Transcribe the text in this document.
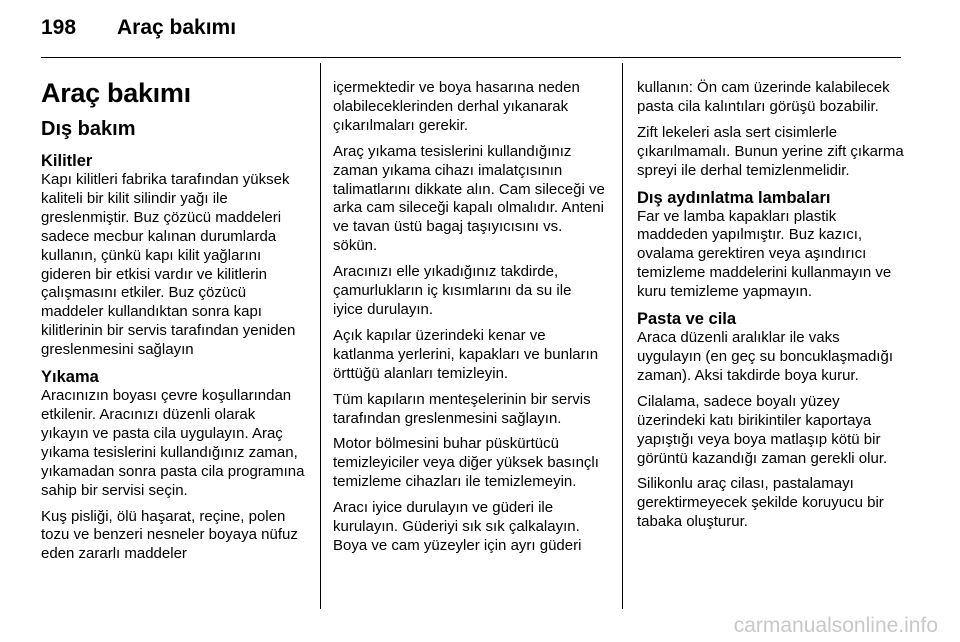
198 Araç bakımı
Araç bakımı
Dış bakım
Kilitler

Kapı kilitleri fabrika tarafından yüksek kaliteli bir kilit silindir yağı ile greslenmiştir. Buz çözücü maddeleri sadece mecbur kalınan durumlarda kullanın, çünkü kapı kilit yağlarını gideren bir etkisi vardır ve kilitlerin çalışmasını etkiler. Buz çözücü maddeler kullandıktan sonra kapı kilitlerinin bir servis tarafından yeniden greslenmesini sağlayın

Yıkama

Aracınızın boyası çevre koşullarından etkilenir. Aracınızı düzenli olarak yıkayın ve pasta cila uygulayın. Araç yıkama tesislerini kullandığınız zaman, yıkamadan sonra pasta cila programına sahip bir servisi seçin.

Kuş pisliği, ölü haşarat, reçine, polen tozu ve benzeri nesneler boyaya nüfuz eden zararlı maddeler

içermektedir ve boya hasarına neden olabileceklerinden derhal yıkanarak çıkarılmaları gerekir.

Araç yıkama tesislerini kullandığınız zaman yıkama cihazı imalatçısının talimatlarını dikkate alın. Cam sileceği ve arka cam sileceği kapalı olmalıdır. Anteni ve tavan üstü bagaj taşıyıcısını vs. sökün.

Aracınızı elle yıkadığınız takdirde, çamurlukların iç kısımlarını da su ile iyice durulayın.

Açık kapılar üzerindeki kenar ve katlanma yerlerini, kapakları ve bunların örttüğü alanları temizleyin.

Tüm kapıların menteşelerinin bir servis tarafından greslenmesini sağlayın.

Motor bölmesini buhar püskürtücü temizleyiciler veya diğer yüksek basınçlı temizleme cihazları ile temizlemeyin.

Aracı iyice durulayın ve güderi ile kurulayın. Güderiyi sık sık çalkalayın. Boya ve cam yüzeyler için ayrı güderi

kullanın: Ön cam üzerinde kalabilecek pasta cila kalıntıları görüşü bozabilir.

Zift lekeleri asla sert cisimlerle çıkarılmamalı. Bunun yerine zift çıkarma spreyi ile derhal temizlenmelidir.

Dış aydınlatma lambaları

Far ve lamba kapakları plastik maddeden yapılmıştır. Buz kazıcı, ovalama gerektiren veya aşındırıcı temizleme maddelerini kullanmayın ve kuru temizleme yapmayın.

Pasta ve cila

Araca düzenli aralıklar ile vaks uygulayın (en geç su boncuklaşmadığı zaman). Aksi takdirde boya kurur.

Cilalama, sadece boyalı yüzey üzerindeki katı birikintiler kaportaya yapıştığı veya boya matlaşıp kötü bir görüntü kazandığı zaman gerekli olur.

Silikonlu araç cilası, pastalamayı gerektirmeyecek şekilde koruyucu bir tabaka oluşturur.

carmanualsonline.info
